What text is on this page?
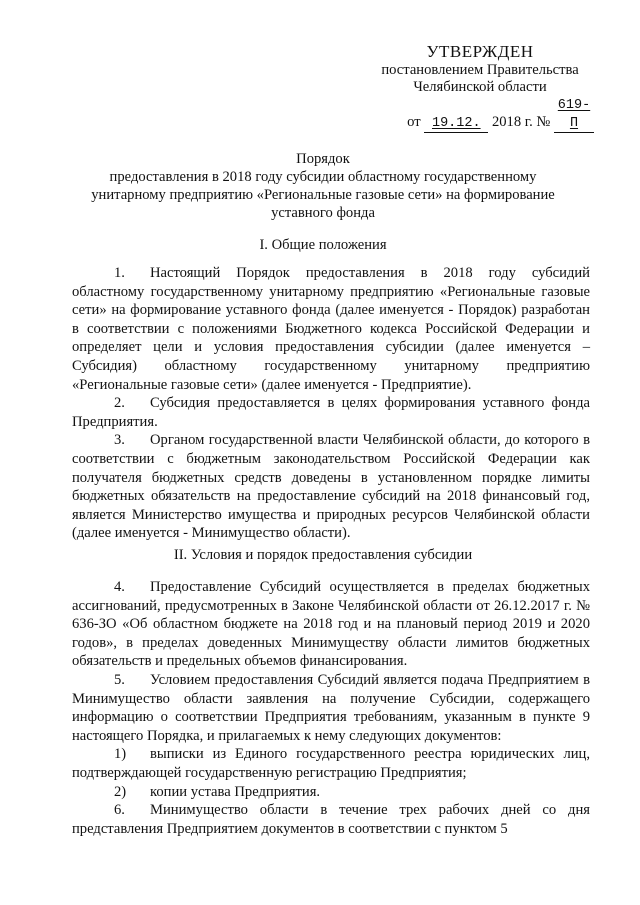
УТВЕРЖДЕН
постановлением Правительства
Челябинской области
от 19.12. 2018 г. № 619-П
Порядок
предоставления в 2018 году субсидии областному государственному
унитарному предприятию «Региональные газовые сети» на формирование
уставного фонда
I. Общие положения

1. Настоящий Порядок предоставления в 2018 году субсидий областному государственному унитарному предприятию «Региональные газовые сети» на формирование уставного фонда (далее именуется - Порядок) разработан в соответствии с положениями Бюджетного кодекса Российской Федерации и определяет цели и условия предоставления субсидии (далее именуется – Субсидия) областному государственному унитарному предприятию «Региональные газовые сети» (далее именуется - Предприятие).

2. Субсидия предоставляется в целях формирования уставного фонда Предприятия.

3. Органом государственной власти Челябинской области, до которого в соответствии с бюджетным законодательством Российской Федерации как получателя бюджетных средств доведены в установленном порядке лимиты бюджетных обязательств на предоставление субсидий на 2018 финансовый год, является Министерство имущества и природных ресурсов Челябинской области (далее именуется - Минимущество области).

II. Условия и порядок предоставления субсидии

4. Предоставление Субсидий осуществляется в пределах бюджетных ассигнований, предусмотренных в Законе Челябинской области от 26.12.2017 г. № 636-ЗО «Об областном бюджете на 2018 год и на плановый период 2019 и 2020 годов», в пределах доведенных Минимуществу области лимитов бюджетных обязательств и предельных объемов финансирования.

5. Условием предоставления Субсидий является подача Предприятием в Минимущество области заявления на получение Субсидии, содержащего информацию о соответствии Предприятия требованиям, указанным в пункте 9 настоящего Порядка, и прилагаемых к нему следующих документов:

1) выписки из Единого государственного реестра юридических лиц, подтверждающей государственную регистрацию Предприятия;

2) копии устава Предприятия.

6. Минимущество области в течение трех рабочих дней со дня представления Предприятием документов в соответствии с пунктом 5
